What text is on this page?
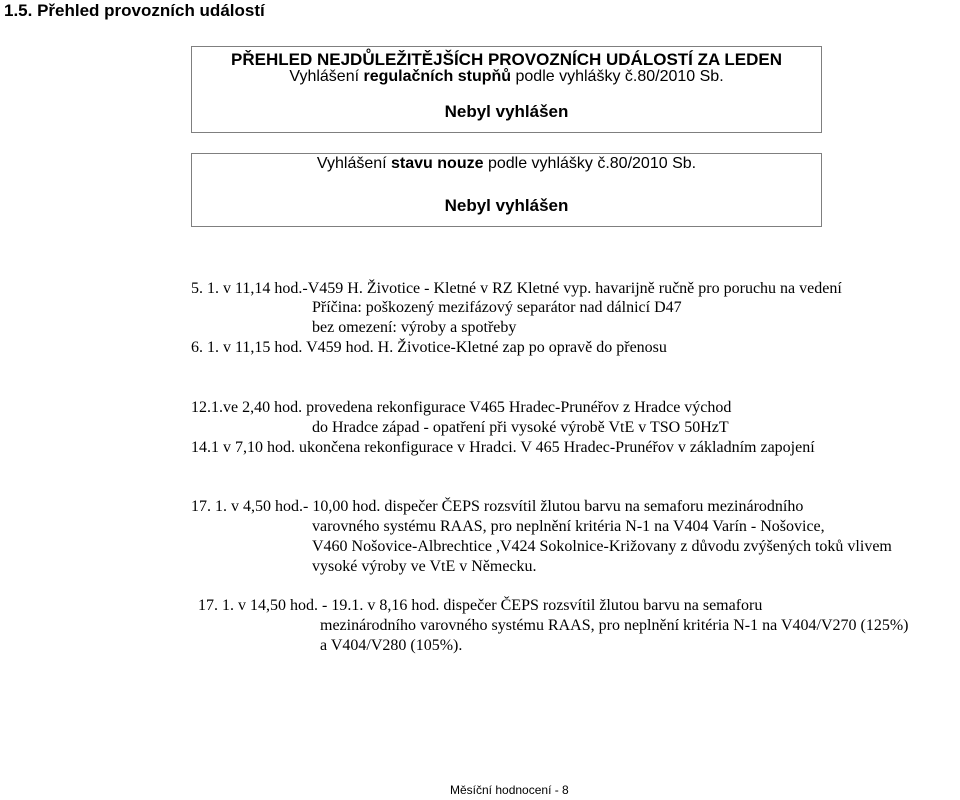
1.5. Přehled provozních událostí
PŘEHLED NEJDŮLEŽITĚJŠÍCH PROVOZNÍCH UDÁLOSTÍ ZA LEDEN
Vyhlášení regulačních stupňů podle vyhlášky č.80/2010 Sb.
Nebyl vyhlášen
Vyhlášení stavu nouze podle vyhlášky č.80/2010 Sb.
Nebyl vyhlášen
5. 1. v 11,14 hod.-V459 H. Životice - Kletné v RZ Kletné vyp. havarijně ručně pro poruchu na vedení
Příčina: poškozený mezifázový separátor nad dálnicí D47
bez omezení: výroby a spotřeby
6. 1. v 11,15 hod. V459 hod. H. Životice-Kletné zap po opravě do přenosu
12.1.ve 2,40 hod. provedena rekonfigurace V465 Hradec-Prunéřov z Hradce východ
do Hradce západ - opatření při vysoké výrobě VtE v TSO 50HzT
14.1 v 7,10 hod. ukončena rekonfigurace v Hradci. V 465 Hradec-Prunéřov v základním zapojení
17. 1. v 4,50 hod.- 10,00 hod. dispečer ČEPS rozsvítil žlutou barvu na semaforu mezinárodního
varovného systému RAAS, pro neplnění kritéria N-1 na V404 Varín - Nošovice,
V460 Nošovice-Albrechtice ,V424 Sokolnice-Križovany z důvodu zvýšených toků vlivem
vysoké výroby ve VtE v Německu.
17. 1. v 14,50 hod. - 19.1. v 8,16 hod. dispečer ČEPS rozsvítil žlutou barvu na semaforu
mezinárodního varovného systému RAAS, pro neplnění kritéria N-1 na V404/V270 (125%)
a V404/V280 (105%).
Měsíční hodnocení - 8
